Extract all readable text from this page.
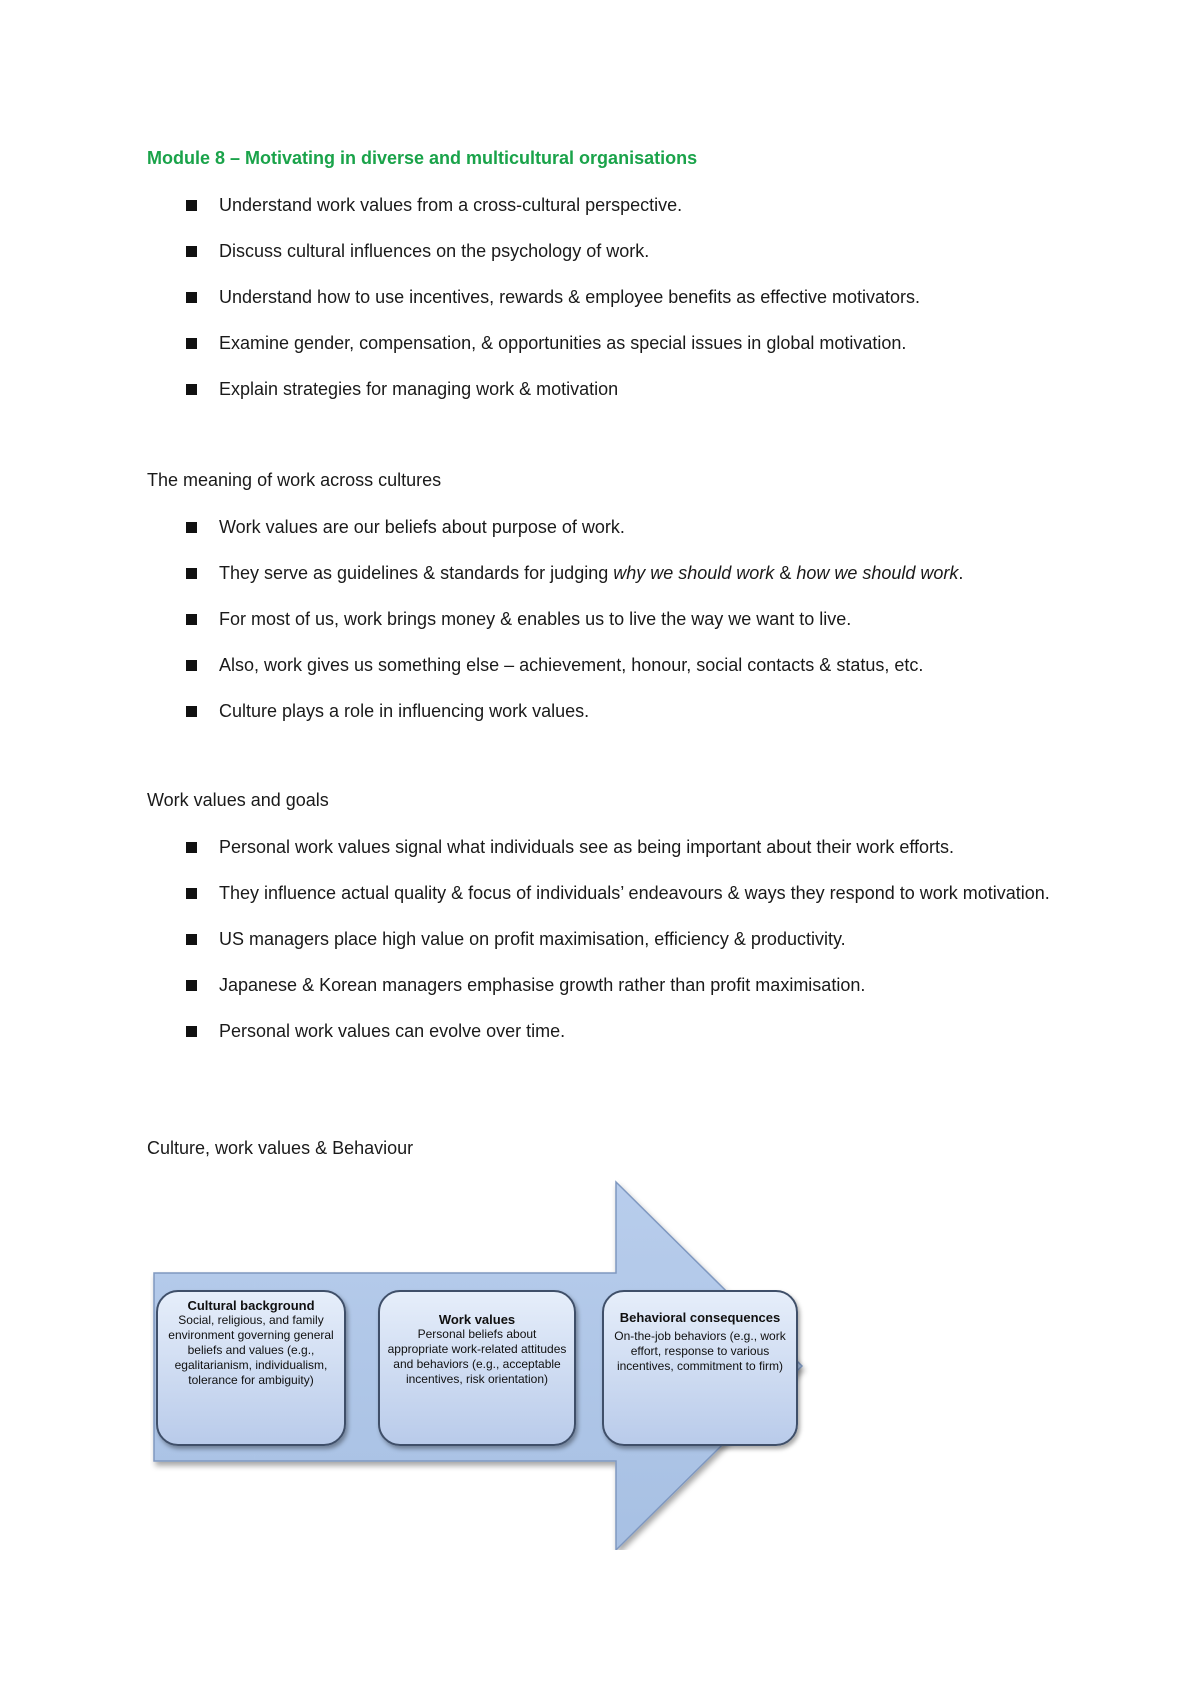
Module 8 – Motivating in diverse and multicultural organisations
Understand work values from a cross-cultural perspective.
Discuss cultural influences on the psychology of work.
Understand how to use incentives, rewards & employee benefits as effective motivators.
Examine gender, compensation, & opportunities as special issues in global motivation.
Explain strategies for managing work & motivation
The meaning of work across cultures
Work values are our beliefs about purpose of work.
They serve as guidelines & standards for judging why we should work & how we should work.
For most of us, work brings money & enables us to live the way we want to live.
Also, work gives us something else – achievement, honour, social contacts & status, etc.
Culture plays a role in influencing work values.
Work values and goals
Personal work values signal what individuals see as being important about their work efforts.
They influence actual quality & focus of individuals’ endeavours & ways they respond to work motivation.
US managers place high value on profit maximisation, efficiency & productivity.
Japanese & Korean managers emphasise growth rather than profit maximisation.
Personal work values can evolve over time.
Culture, work values & Behaviour
Cultural background
Social, religious, and family environment governing general beliefs and values (e.g., egalitarianism, individualism, tolerance for ambiguity)
Work values
Personal beliefs about appropriate work-related attitudes and behaviors (e.g., acceptable incentives, risk orientation)
Behavioral consequences
On-the-job behaviors (e.g., work effort, response to various incentives, commitment to firm)
